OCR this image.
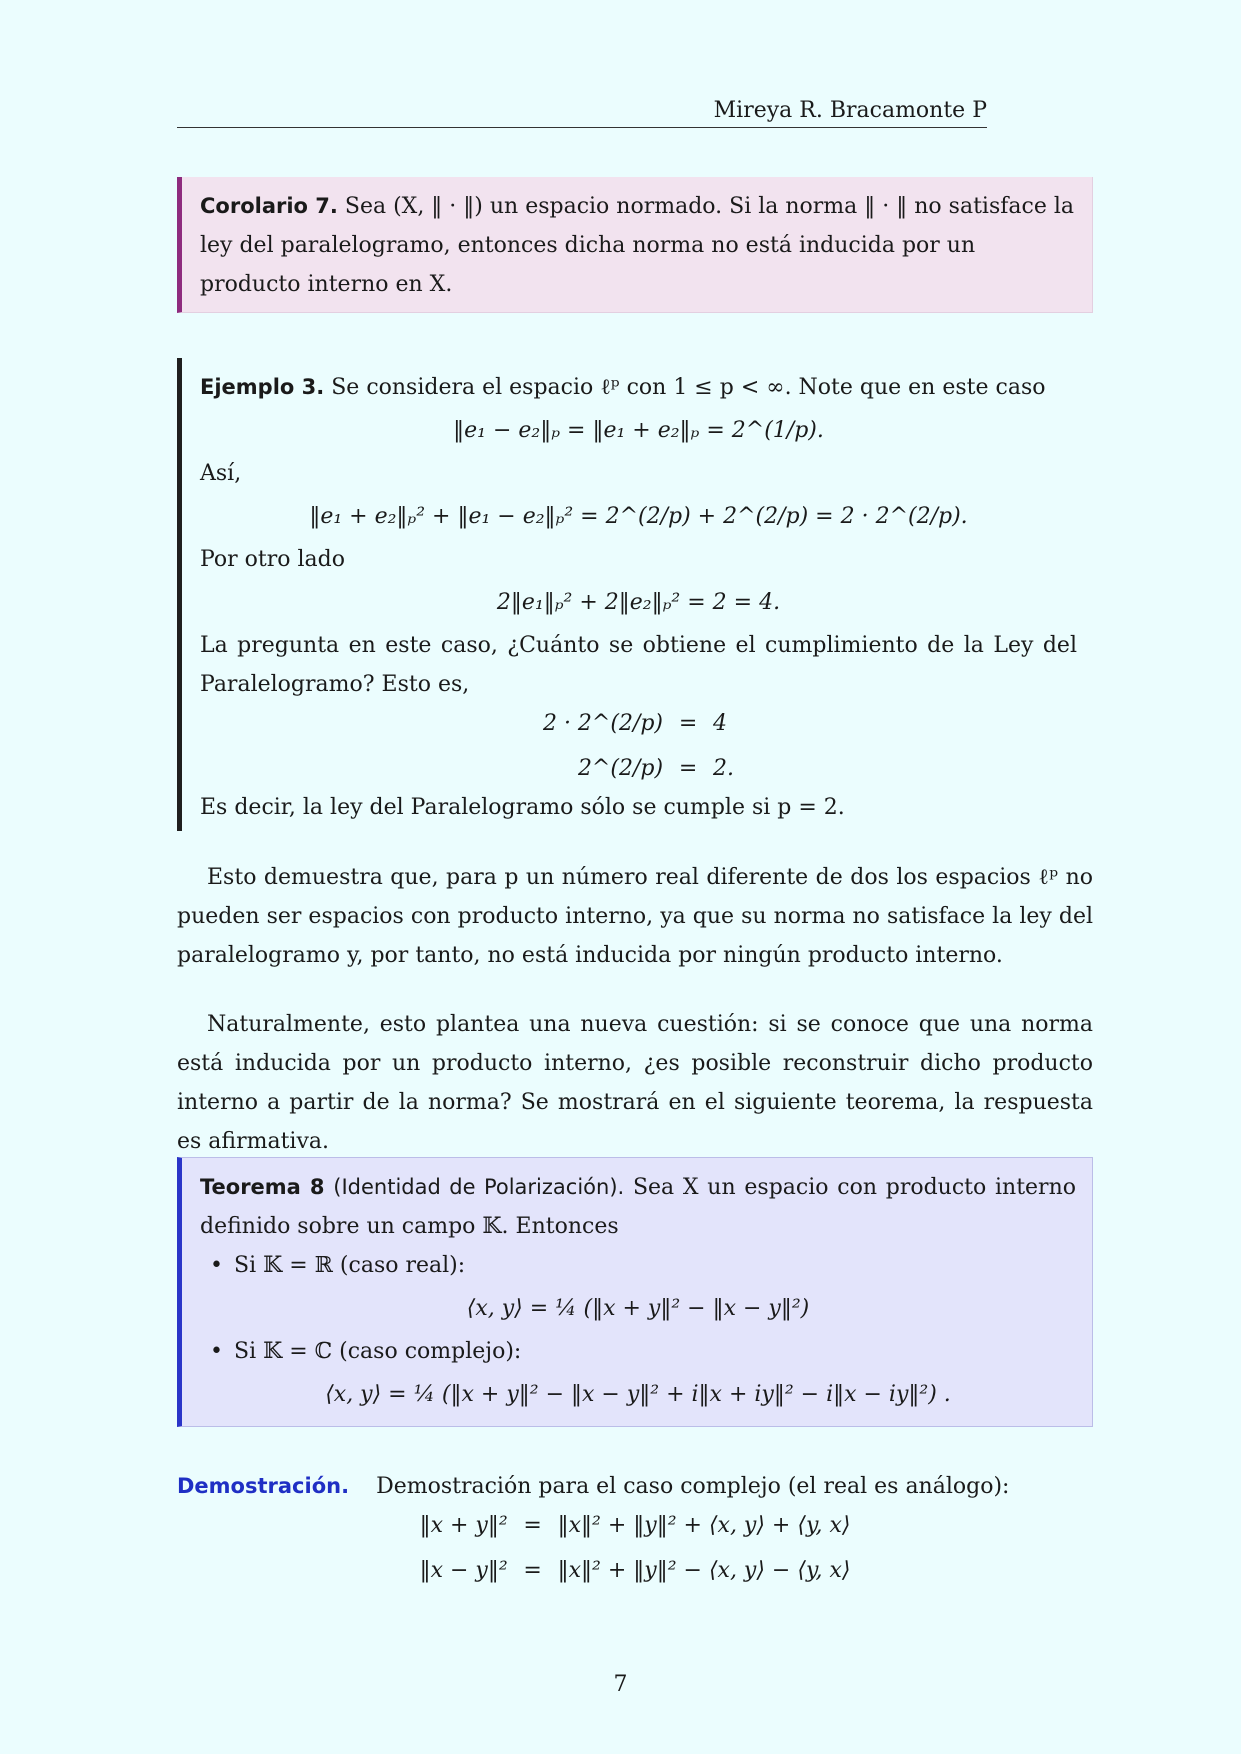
Mireya R. Bracamonte P
Corolario 7. Sea (X, ‖ · ‖) un espacio normado. Si la norma ‖ · ‖ no satisface la ley del paralelogramo, entonces dicha norma no está inducida por un producto interno en X.
Ejemplo 3. Se considera el espacio ℓᵖ con 1 ≤ p < ∞. Note que en este caso
‖e₁ − e₂‖ₚ = ‖e₁ + e₂‖ₚ = 2^(1/p).
Así,
‖e₁ + e₂‖ₚ² + ‖e₁ − e₂‖ₚ² = 2^(2/p) + 2^(2/p) = 2 · 2^(2/p).
Por otro lado
2‖e₁‖ₚ² + 2‖e₂‖ₚ² = 2 = 4.
La pregunta en este caso, ¿Cuánto se obtiene el cumplimiento de la Ley del Paralelogramo? Esto es,
2 · 2^(2/p) = 4
2^(2/p) = 2.
Es decir, la ley del Paralelogramo sólo se cumple si p = 2.
Esto demuestra que, para p un número real diferente de dos los espacios ℓᵖ no pueden ser espacios con producto interno, ya que su norma no satisface la ley del paralelogramo y, por tanto, no está inducida por ningún producto interno.
Naturalmente, esto plantea una nueva cuestión: si se conoce que una norma está inducida por un producto interno, ¿es posible reconstruir dicho producto interno a partir de la norma? Se mostrará en el siguiente teorema, la respuesta es afirmativa.
Teorema 8 (Identidad de Polarización). Sea X un espacio con producto interno definido sobre un campo 𝕂. Entonces
• Si 𝕂 = ℝ (caso real):
⟨x, y⟩ = ¼ (‖x + y‖² − ‖x − y‖²)
• Si 𝕂 = ℂ (caso complejo):
⟨x, y⟩ = ¼ (‖x + y‖² − ‖x − y‖² + i‖x + iy‖² − i‖x − iy‖²) .
Demostración. Demostración para el caso complejo (el real es análogo):
‖x + y‖² = ‖x‖² + ‖y‖² + ⟨x, y⟩ + ⟨y, x⟩
‖x − y‖² = ‖x‖² + ‖y‖² − ⟨x, y⟩ − ⟨y, x⟩
7
